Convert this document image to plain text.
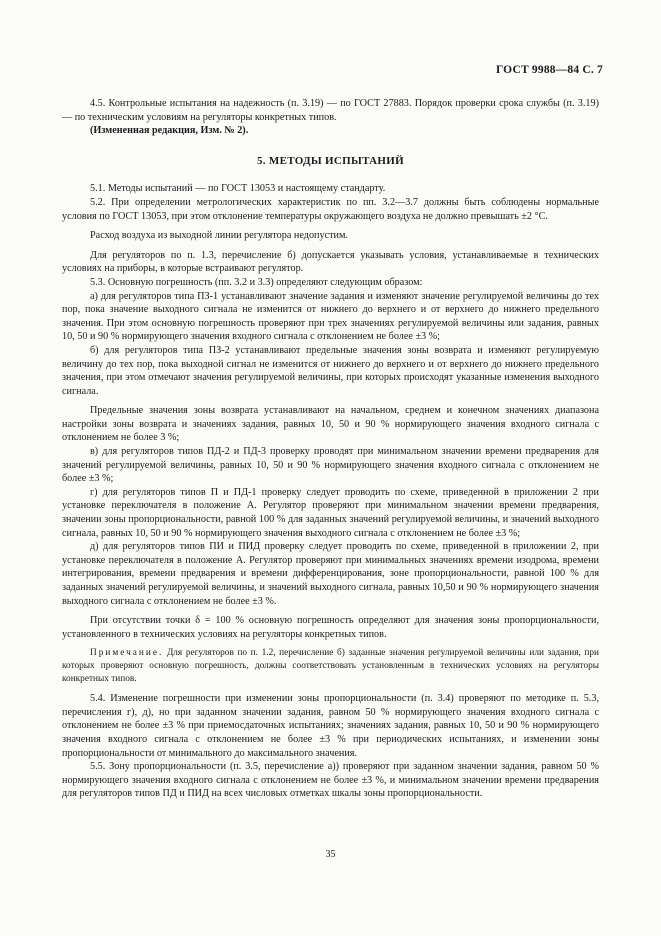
ГОСТ 9988—84 С. 7

4.5. Контрольные испытания на надежность (п. 3.19) — по ГОСТ 27883. Порядок проверки срока службы (п. 3.19) — по техническим условиям на регуляторы конкретных типов.

(Измененная редакция, Изм. № 2).

5. МЕТОДЫ ИСПЫТАНИЙ

5.1. Методы испытаний — по ГОСТ 13053 и настоящему стандарту.

5.2. При определении метрологических характеристик по пп. 3.2—3.7 должны быть соблюдены нормальные условия по ГОСТ 13053, при этом отклонение температуры окружающего воздуха не должно превышать ±2 °С.

Расход воздуха из выходной линии регулятора недопустим.

Для регуляторов по п. 1.3, перечисление б) допускается указывать условия, устанавливаемые в технических условиях на приборы, в которые встраивают регулятор.

5.3. Основную погрешность (пп. 3.2 и 3.3) определяют следующим образом:

а) для регуляторов типа ПЗ-1 устанавливают значение задания и изменяют значение регулируемой величины до тех пор, пока значение выходного сигнала не изменится от нижнего до верхнего и от верхнего до нижнего предельного значения. При этом основную погрешность проверяют при трех значениях регулируемой величины или задания, равных 10, 50 и 90 % нормирующего значения входного сигнала с отклонением не более ±3 %;

б) для регуляторов типа ПЗ-2 устанавливают предельные значения зоны возврата и изменяют регулируемую величину до тех пор, пока выходной сигнал не изменится от нижнего до верхнего и от верхнего до нижнего предельного значения, при этом отмечают значения регулируемой величины, при которых происходят указанные изменения выходного сигнала.

Предельные значения зоны возврата устанавливают на начальном, среднем и конечном значениях диапазона настройки зоны возврата и значениях задания, равных 10, 50 и 90 % нормирующего значения входного сигнала с отклонением не более 3 %;

в) для регуляторов типов ПД-2 и ПД-3 проверку проводят при минимальном значении времени предварения для значений регулируемой величины, равных 10, 50 и 90 % нормирующего значения входного сигнала с отклонением не более ±3 %;

г) для регуляторов типов П и ПД-1 проверку следует проводить по схеме, приведенной в приложении 2 при установке переключателя в положение А. Регулятор проверяют при минимальном значении времени предварения, значении зоны пропорциональности, равной 100 % для заданных значений регулируемой величины, и значений выходного сигнала, равных 10, 50 и 90 % нормирующего значения выходного сигнала с отклонением не более ±3 %;

д) для регуляторов типов ПИ и ПИД проверку следует проводить по схеме, приведенной в приложении 2, при установке переключателя в положение А. Регулятор проверяют при минимальных значениях времени изодрома, времени интегрирования, времени предварения и времени дифференцирования, зоне пропорциональности, равной 100 % для заданных значений регулируемой величины, и значений выходного сигнала, равных 10,50 и 90 % нормирующего значения выходного сигнала с отклонением не более ±3 %.

При отсутствии точки δ = 100 % основную погрешность определяют для значения зоны пропорциональности, установленного в технических условиях на регуляторы конкретных типов.

Примечание. Для регуляторов по п. 1.2, перечисление б) заданные значения регулируемой величины или задания, при которых проверяют основную погрешность, должны соответствовать установленным в технических условиях на регуляторы конкретных типов.

5.4. Изменение погрешности при изменении зоны пропорциональности (п. 3.4) проверяют по методике п. 5.3, перечисления г), д), но при заданном значении задания, равном 50 % нормирующего значения входного сигнала с отклонением не более ±3 % при приемосдаточных испытаниях; значениях задания, равных 10, 50 и 90 % нормирующего значения входного сигнала с отклонением не более ±3 % при периодических испытаниях, и изменении зоны пропорциональности от минимального до максимального значения.

5.5. Зону пропорциональности (п. 3.5, перечисление а)) проверяют при заданном значении задания, равном 50 % нормирующего значения входного сигнала с отклонением не более ±3 %, и минимальном значении времени предварения для регуляторов типов ПД и ПИД на всех числовых отметках шкалы зоны пропорциональности.

35
